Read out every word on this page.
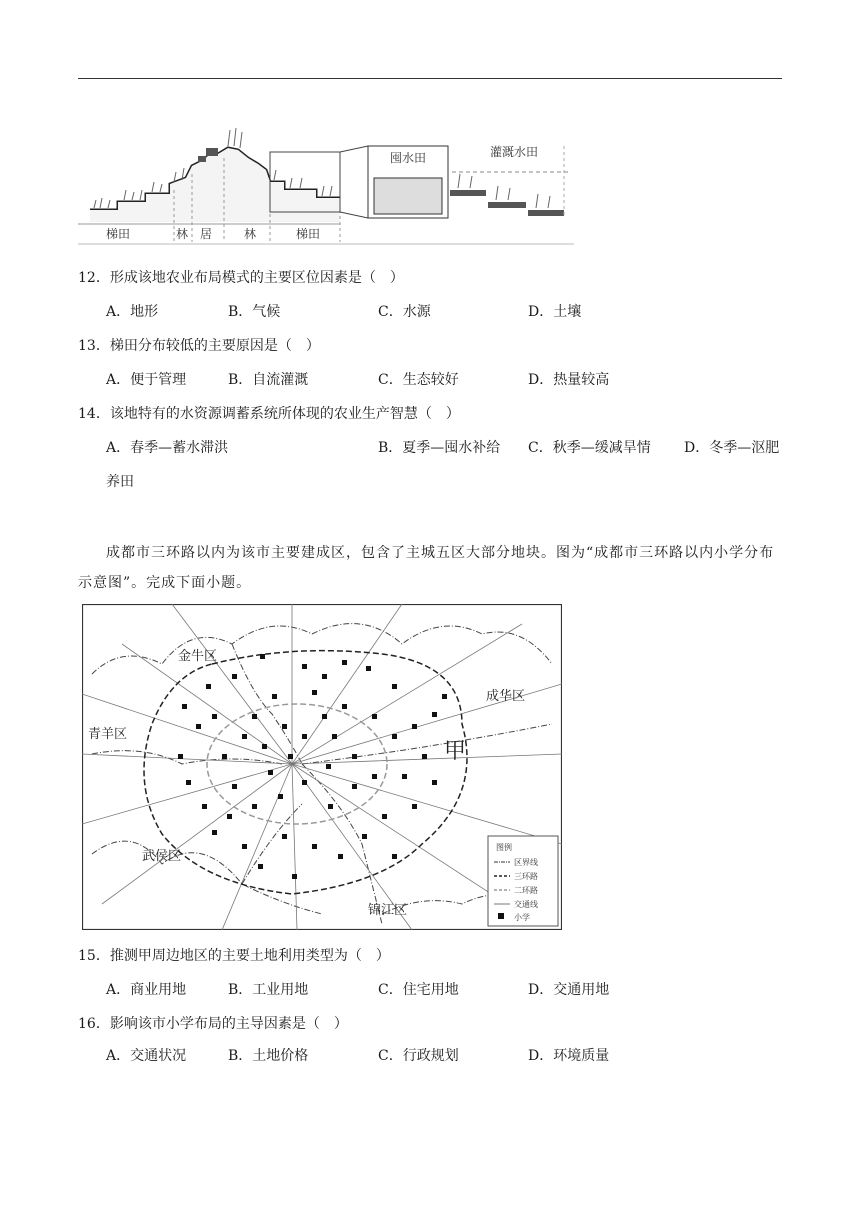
梯田	林 居	林	梯田
囤水田	灌溉水田
12．形成该地农业布局模式的主要区位因素是（　）
A．地形	B．气候	C．水源	D．土壤
13．梯田分布较低的主要原因是（　）
A．便于管理	B．自流灌溉	C．生态较好	D．热量较高
14．该地特有的水资源调蓄系统所体现的农业生产智慧（　）
A．春季—蓄水滞洪	B．夏季—囤水补给 C．秋季—缓减旱情 D．冬季—沤肥
养田

成都市三环路以内为该市主要建成区，包含了主城五区大部分地块。图为“成都市三环路以内小学分布示意图”。完成下面小题。

金牛区
成华区
青羊区
武侯区
锦江区
甲
图例
区界线
三环路
二环路
交通线
小学
15．推测甲周边地区的主要土地利用类型为（　）
A．商业用地	B．工业用地	C．住宅用地	D．交通用地
16．影响该市小学布局的主导因素是（　）
A．交通状况	B．土地价格	C．行政规划	D．环境质量
